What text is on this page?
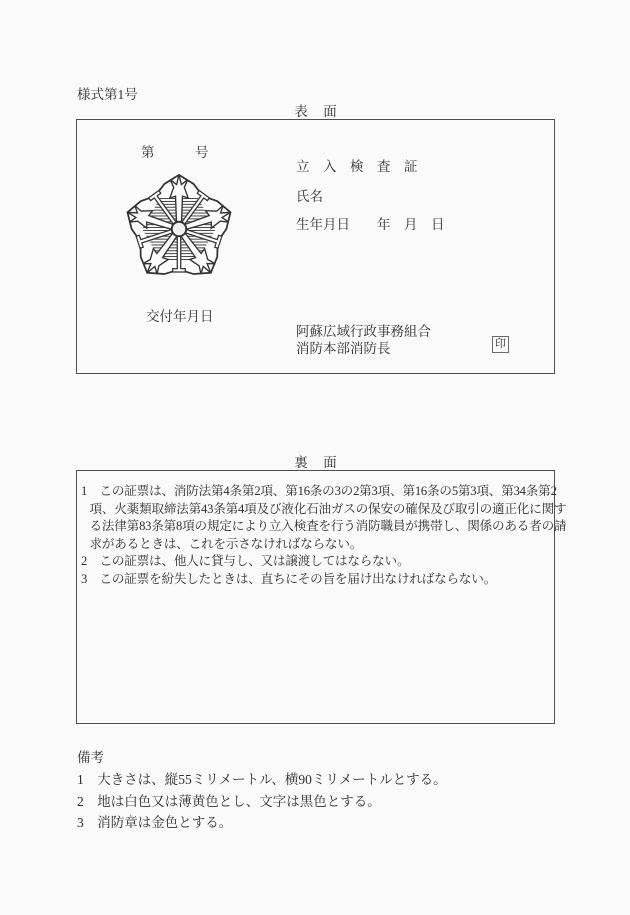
様式第1号
表　面
第　　　号
交付年月日
立　入　検　査　証
氏名
生年月日 年　月　日
阿蘇広域行政事務組合
消防本部消防長	印
裏　面
1　この証票は、消防法第4条第2項、第16条の3の2第3項、第16条の5第3項、第34条第2
項、火薬類取締法第43条第4項及び液化石油ガスの保安の確保及び取引の適正化に関す
る法律第83条第8項の規定により立入検査を行う消防職員が携帯し、関係のある者の請
求があるときは、これを示さなければならない。
2　この証票は、他人に貸与し、又は譲渡してはならない。
3　この証票を紛失したときは、直ちにその旨を届け出なければならない。
備考
1　大きさは、縦55ミリメートル、横90ミリメートルとする。
2　地は白色又は薄黄色とし、文字は黒色とする。
3　消防章は金色とする。
